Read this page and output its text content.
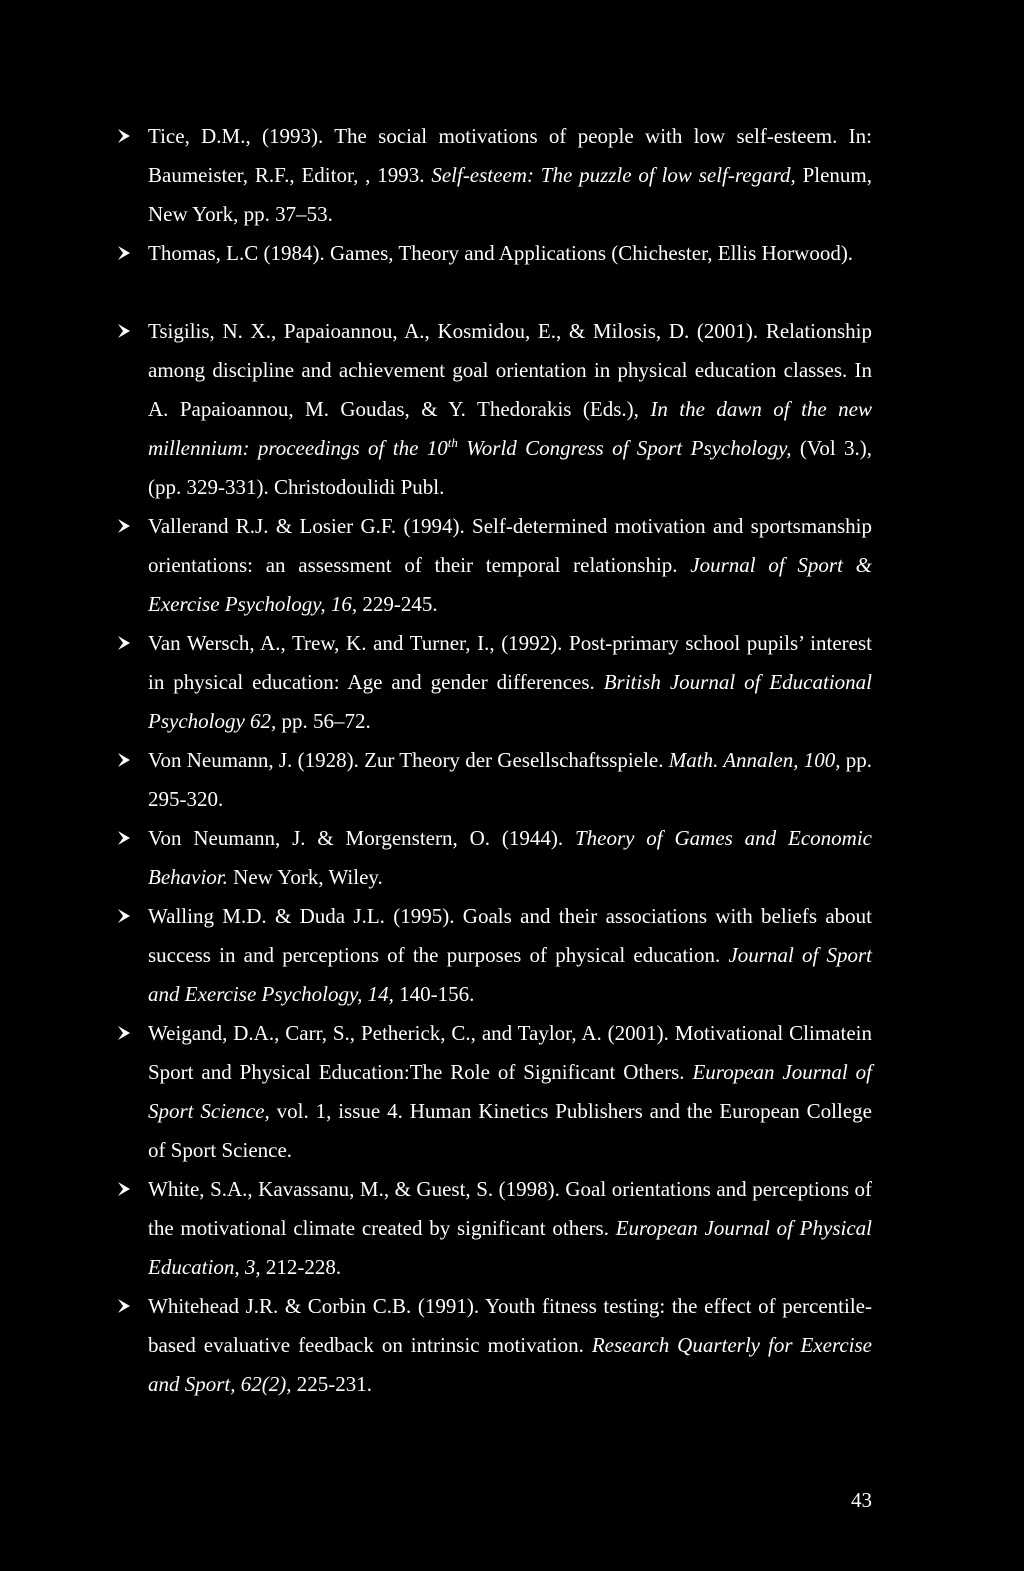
Tice, D.M., (1993). The social motivations of people with low self-esteem. In: Baumeister, R.F., Editor, , 1993. Self-esteem: The puzzle of low self-regard, Plenum, New York, pp. 37–53.
Thomas, L.C (1984). Games, Theory and Applications (Chichester, Ellis Horwood).
Tsigilis, N. X., Papaioannou, A., Kosmidou, E., & Milosis, D. (2001). Relationship among discipline and achievement goal orientation in physical education classes. In A. Papaioannou, M. Goudas, & Y. Thedorakis (Eds.), In the dawn of the new millennium: proceedings of the 10th World Congress of Sport Psychology, (Vol 3.), (pp. 329-331). Christodoulidi Publ.
Vallerand R.J. & Losier G.F. (1994). Self-determined motivation and sportsmanship orientations: an assessment of their temporal relationship. Journal of Sport & Exercise Psychology, 16, 229-245.
Van Wersch, A., Trew, K. and Turner, I., (1992). Post-primary school pupils’ interest in physical education: Age and gender differences. British Journal of Educational Psychology 62, pp. 56–72.
Von Neumann, J. (1928). Zur Theory der Gesellschaftsspiele. Math. Annalen, 100, pp. 295-320.
Von Neumann, J. & Morgenstern, O. (1944). Theory of Games and Economic Behavior. New York, Wiley.
Walling M.D. & Duda J.L. (1995). Goals and their associations with beliefs about success in and perceptions of the purposes of physical education. Journal of Sport and Exercise Psychology, 14, 140-156.
Weigand, D.A., Carr, S., Petherick, C., and Taylor, A. (2001). Motivational Climatein Sport and Physical Education:The Role of Significant Others. European Journal of Sport Science, vol. 1, issue 4. Human Kinetics Publishers and the European College of Sport Science.
White, S.A., Kavassanu, M., & Guest, S. (1998). Goal orientations and perceptions of the motivational climate created by significant others. European Journal of Physical Education, 3, 212-228.
Whitehead J.R. & Corbin C.B. (1991). Youth fitness testing: the effect of percentile-based evaluative feedback on intrinsic motivation. Research Quarterly for Exercise and Sport, 62(2), 225-231.
43
